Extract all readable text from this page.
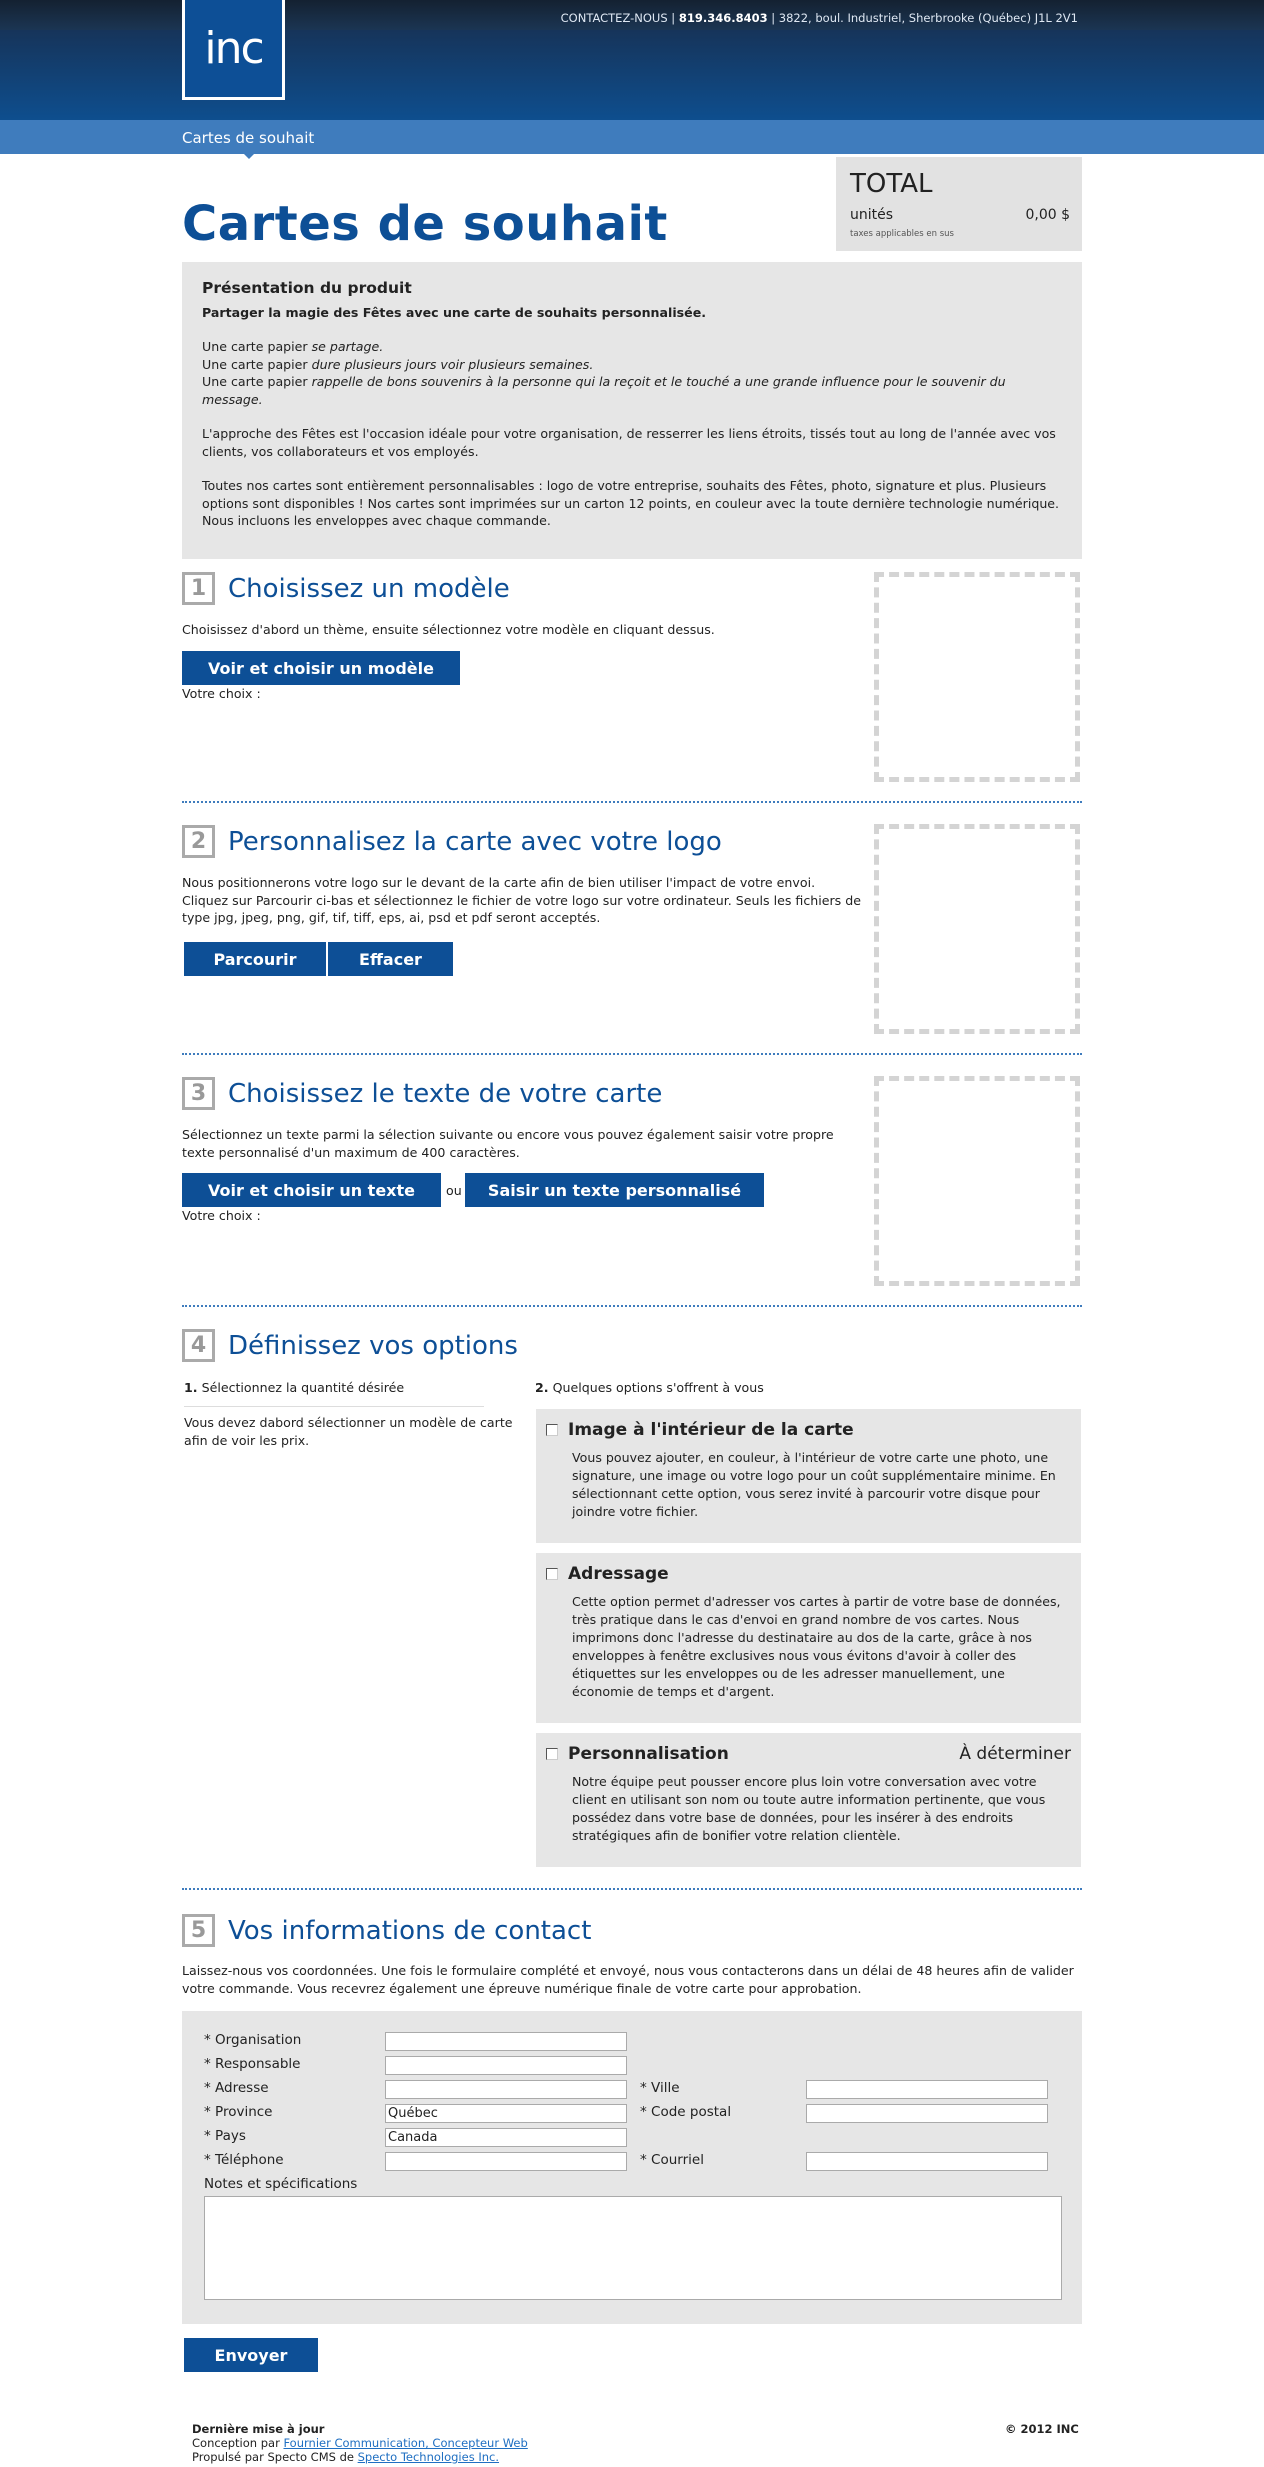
inc
CONTACTEZ-NOUS | 819.346.8403 | 3822, boul. Industriel, Sherbrooke (Québec) J1L 2V1
Cartes de souhait
Cartes de souhait
TOTAL
unités	0,00 $
taxes applicables en sus
Présentation du produit

Partager la magie des Fêtes avec une carte de souhaits personnalisée.

Une carte papier se partage.
Une carte papier dure plusieurs jours voir plusieurs semaines.
Une carte papier rappelle de bons souvenirs à la personne qui la reçoit et le touché a une grande influence pour le souvenir du message.

L'approche des Fêtes est l'occasion idéale pour votre organisation, de resserrer les liens étroits, tissés tout au long de l'année avec vos clients, vos collaborateurs et vos employés.

Toutes nos cartes sont entièrement personnalisables : logo de votre entreprise, souhaits des Fêtes, photo, signature et plus. Plusieurs options sont disponibles ! Nos cartes sont imprimées sur un carton 12 points, en couleur avec la toute dernière technologie numérique. Nous incluons les enveloppes avec chaque commande.

1 Choisissez un modèle
Choisissez d'abord un thème, ensuite sélectionnez votre modèle en cliquant dessus.
Voir et choisir un modèle
Votre choix :
2 Personnalisez la carte avec votre logo
Nous positionnerons votre logo sur le devant de la carte afin de bien utiliser l'impact de votre envoi. Cliquez sur Parcourir ci-bas et sélectionnez le fichier de votre logo sur votre ordinateur. Seuls les fichiers de type jpg, jpeg, png, gif, tif, tiff, eps, ai, psd et pdf seront acceptés.
Parcourir	Effacer
3 Choisissez le texte de votre carte
Sélectionnez un texte parmi la sélection suivante ou encore vous pouvez également saisir votre propre texte personnalisé d'un maximum de 400 caractères.
Voir et choisir un texte	ou	Saisir un texte personnalisé
Votre choix :
4 Définissez vos options
1. Sélectionnez la quantité désirée
Vous devez dabord sélectionner un modèle de carte afin de voir les prix.
2. Quelques options s'offrent à vous
Image à l'intérieur de la carte
Vous pouvez ajouter, en couleur, à l'intérieur de votre carte une photo, une signature, une image ou votre logo pour un coût supplémentaire minime. En sélectionnant cette option, vous serez invité à parcourir votre disque pour joindre votre fichier.
Adressage
Cette option permet d'adresser vos cartes à partir de votre base de données, très pratique dans le cas d'envoi en grand nombre de vos cartes. Nous imprimons donc l'adresse du destinataire au dos de la carte, grâce à nos enveloppes à fenêtre exclusives nous vous évitons d'avoir à coller des étiquettes sur les enveloppes ou de les adresser manuellement, une économie de temps et d'argent.
Personnalisation	À déterminer
Notre équipe peut pousser encore plus loin votre conversation avec votre client en utilisant son nom ou toute autre information pertinente, que vous possédez dans votre base de données, pour les insérer à des endroits stratégiques afin de bonifier votre relation clientèle.
5 Vos informations de contact
Laissez-nous vos coordonnées. Une fois le formulaire complété et envoyé, nous vous contacterons dans un délai de 48 heures afin de valider votre commande. Vous recevrez également une épreuve numérique finale de votre carte pour approbation.
* Organisation
* Responsable
* Adresse	* Ville
* Province	Québec	* Code postal
* Pays	Canada
* Téléphone	* Courriel
Notes et spécifications
Envoyer
Dernière mise à jour
Conception par Fournier Communication, Concepteur Web
Propulsé par Specto CMS de Specto Technologies Inc.
© 2012 INC
